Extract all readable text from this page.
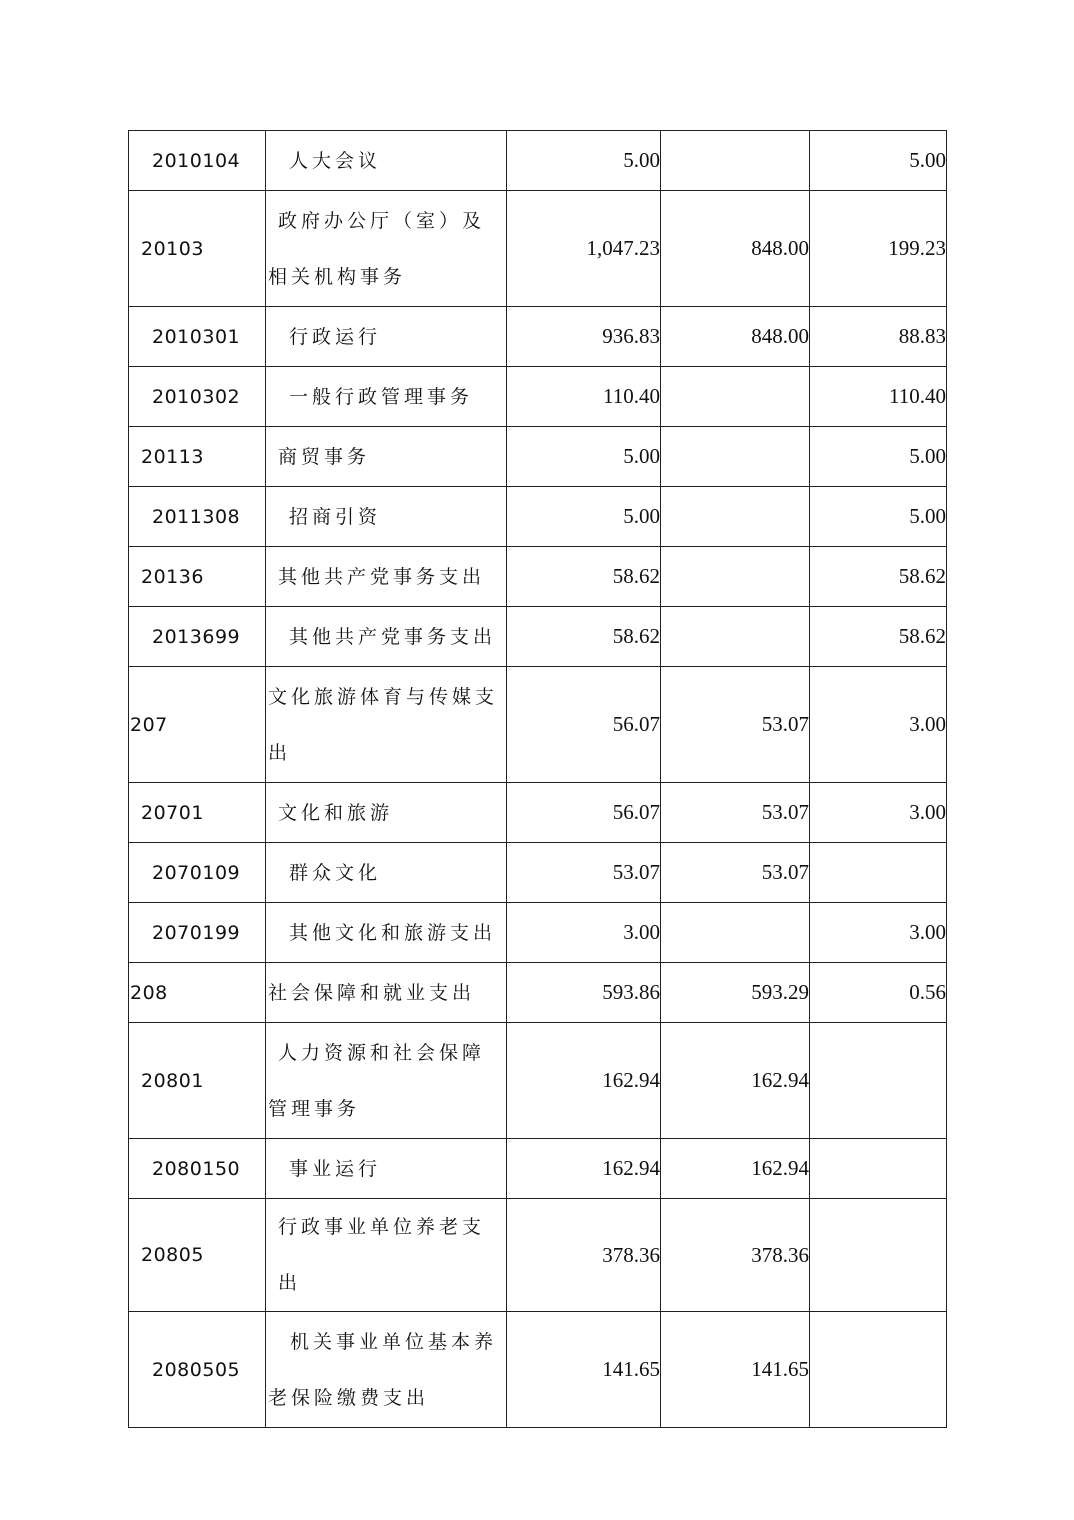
2010104	人大会议	5.00		5.00
20103	政府办公厅（室）及相关机构事务	1,047.23	848.00	199.23
2010301	行政运行	936.83	848.00	88.83
2010302	一般行政管理事务	110.40		110.40
20113	商贸事务	5.00		5.00
2011308	招商引资	5.00		5.00
20136	其他共产党事务支出	58.62		58.62
2013699	其他共产党事务支出	58.62		58.62
207	文化旅游体育与传媒支出	56.07	53.07	3.00
20701	文化和旅游	56.07	53.07	3.00
2070109	群众文化	53.07	53.07	
2070199	其他文化和旅游支出	3.00		3.00
208	社会保障和就业支出	593.86	593.29	0.56
20801	人力资源和社会保障管理事务	162.94	162.94	
2080150	事业运行	162.94	162.94	
20805	行政事业单位养老支出	378.36	378.36	
2080505	机关事业单位基本养老保险缴费支出	141.65	141.65	
